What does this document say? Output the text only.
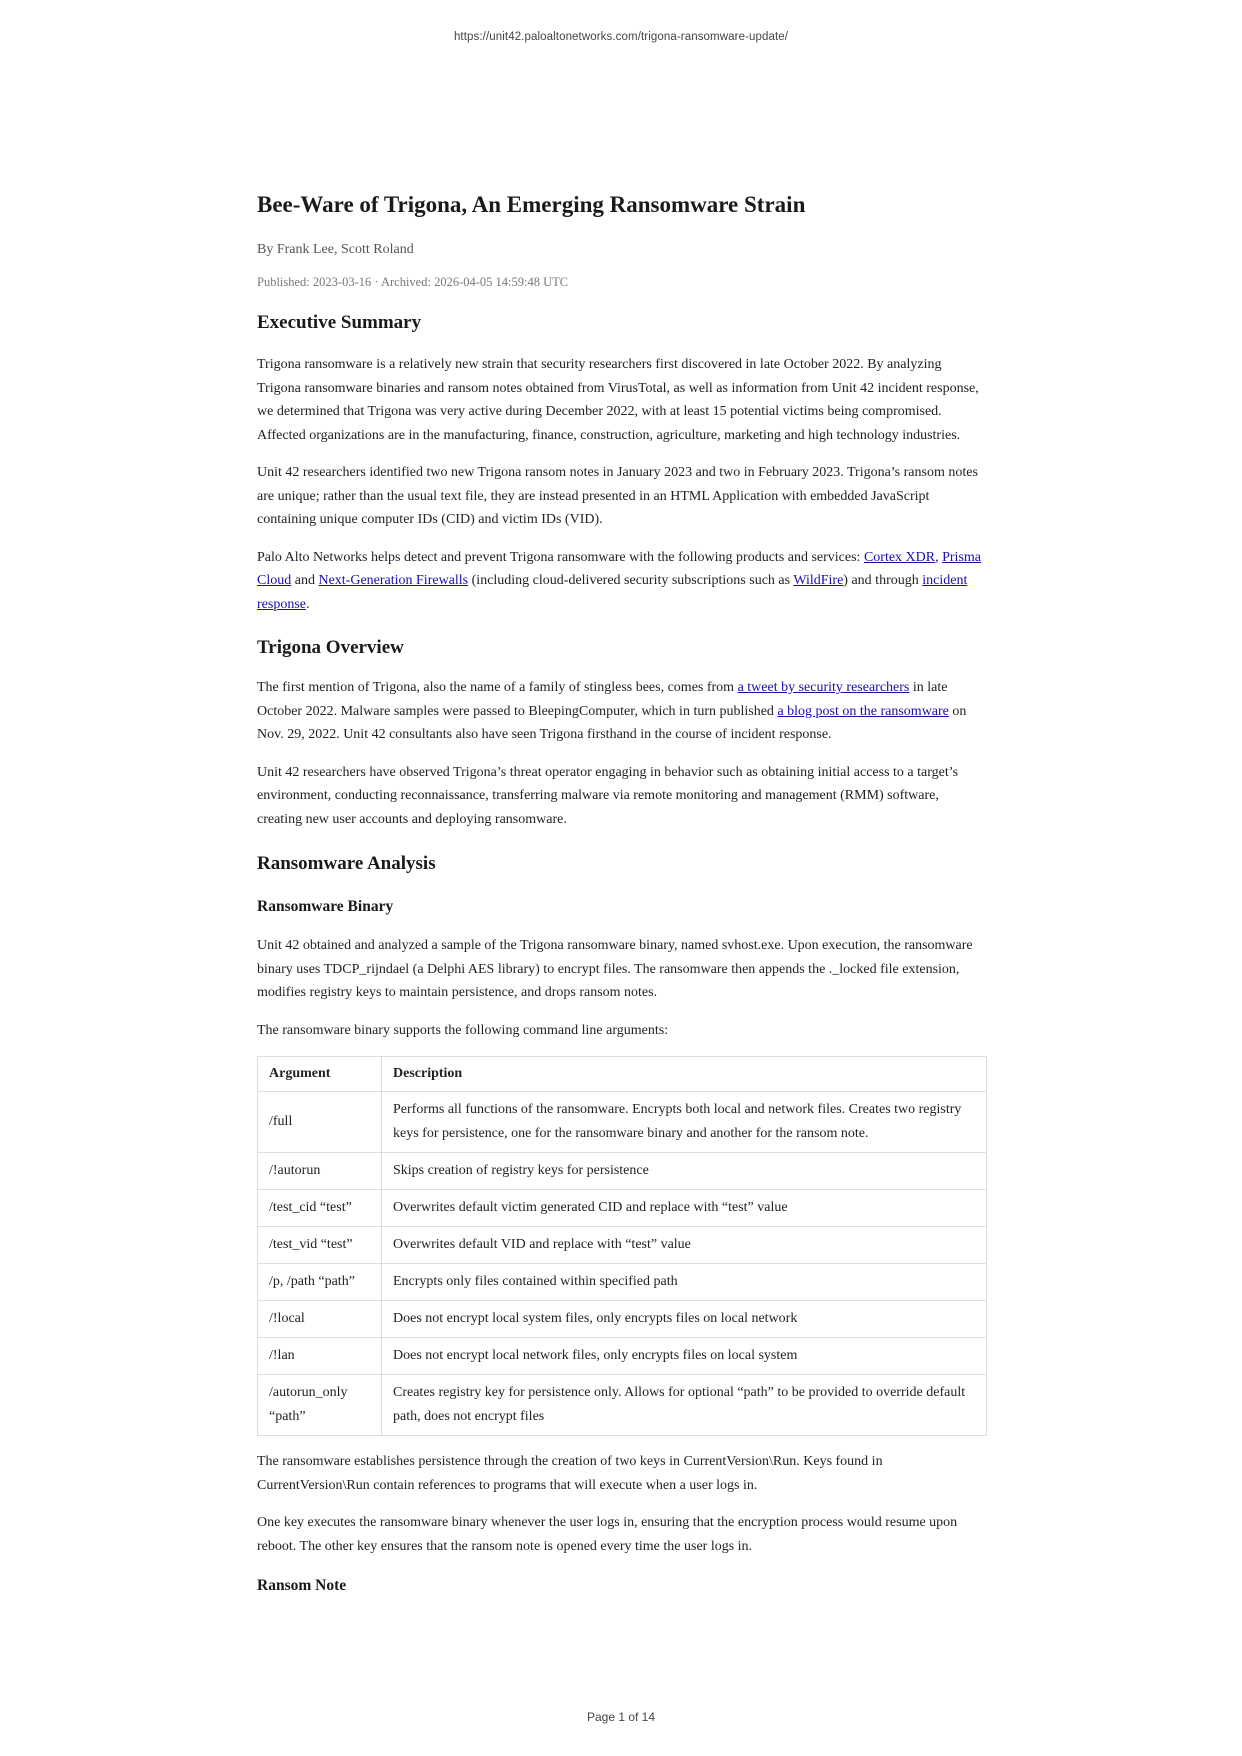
https://unit42.paloaltonetworks.com/trigona-ransomware-update/
Bee-Ware of Trigona, An Emerging Ransomware Strain
By Frank Lee, Scott Roland
Published: 2023-03-16 · Archived: 2026-04-05 14:59:48 UTC
Executive Summary

Trigona ransomware is a relatively new strain that security researchers first discovered in late October 2022. By analyzing Trigona ransomware binaries and ransom notes obtained from VirusTotal, as well as information from Unit 42 incident response, we determined that Trigona was very active during December 2022, with at least 15 potential victims being compromised. Affected organizations are in the manufacturing, finance, construction, agriculture, marketing and high technology industries.

Unit 42 researchers identified two new Trigona ransom notes in January 2023 and two in February 2023. Trigona’s ransom notes are unique; rather than the usual text file, they are instead presented in an HTML Application with embedded JavaScript containing unique computer IDs (CID) and victim IDs (VID).

Palo Alto Networks helps detect and prevent Trigona ransomware with the following products and services: Cortex XDR, Prisma Cloud and Next-Generation Firewalls (including cloud-delivered security subscriptions such as WildFire) and through incident response.

Trigona Overview

The first mention of Trigona, also the name of a family of stingless bees, comes from a tweet by security researchers in late October 2022. Malware samples were passed to BleepingComputer, which in turn published a blog post on the ransomware on Nov. 29, 2022. Unit 42 consultants also have seen Trigona firsthand in the course of incident response.

Unit 42 researchers have observed Trigona’s threat operator engaging in behavior such as obtaining initial access to a target’s environment, conducting reconnaissance, transferring malware via remote monitoring and management (RMM) software, creating new user accounts and deploying ransomware.

Ransomware Analysis
Ransomware Binary

Unit 42 obtained and analyzed a sample of the Trigona ransomware binary, named svhost.exe. Upon execution, the ransomware binary uses TDCP_rijndael (a Delphi AES library) to encrypt files. The ransomware then appends the ._locked file extension, modifies registry keys to maintain persistence, and drops ransom notes.

The ransomware binary supports the following command line arguments:

Argument	Description
/full	Performs all functions of the ransomware. Encrypts both local and network files. Creates two registry keys for persistence, one for the ransomware binary and another for the ransom note.
/!autorun	Skips creation of registry keys for persistence
/test_cid “test”	Overwrites default victim generated CID and replace with “test” value
/test_vid “test”	Overwrites default VID and replace with “test” value
/p, /path “path”	Encrypts only files contained within specified path
/!local	Does not encrypt local system files, only encrypts files on local network
/!lan	Does not encrypt local network files, only encrypts files on local system
/autorun_only “path”	Creates registry key for persistence only. Allows for optional “path” to be provided to override default path, does not encrypt files

The ransomware establishes persistence through the creation of two keys in CurrentVersion\Run. Keys found in CurrentVersion\Run contain references to programs that will execute when a user logs in.

One key executes the ransomware binary whenever the user logs in, ensuring that the encryption process would resume upon reboot. The other key ensures that the ransom note is opened every time the user logs in.

Ransom Note
Page 1 of 14
